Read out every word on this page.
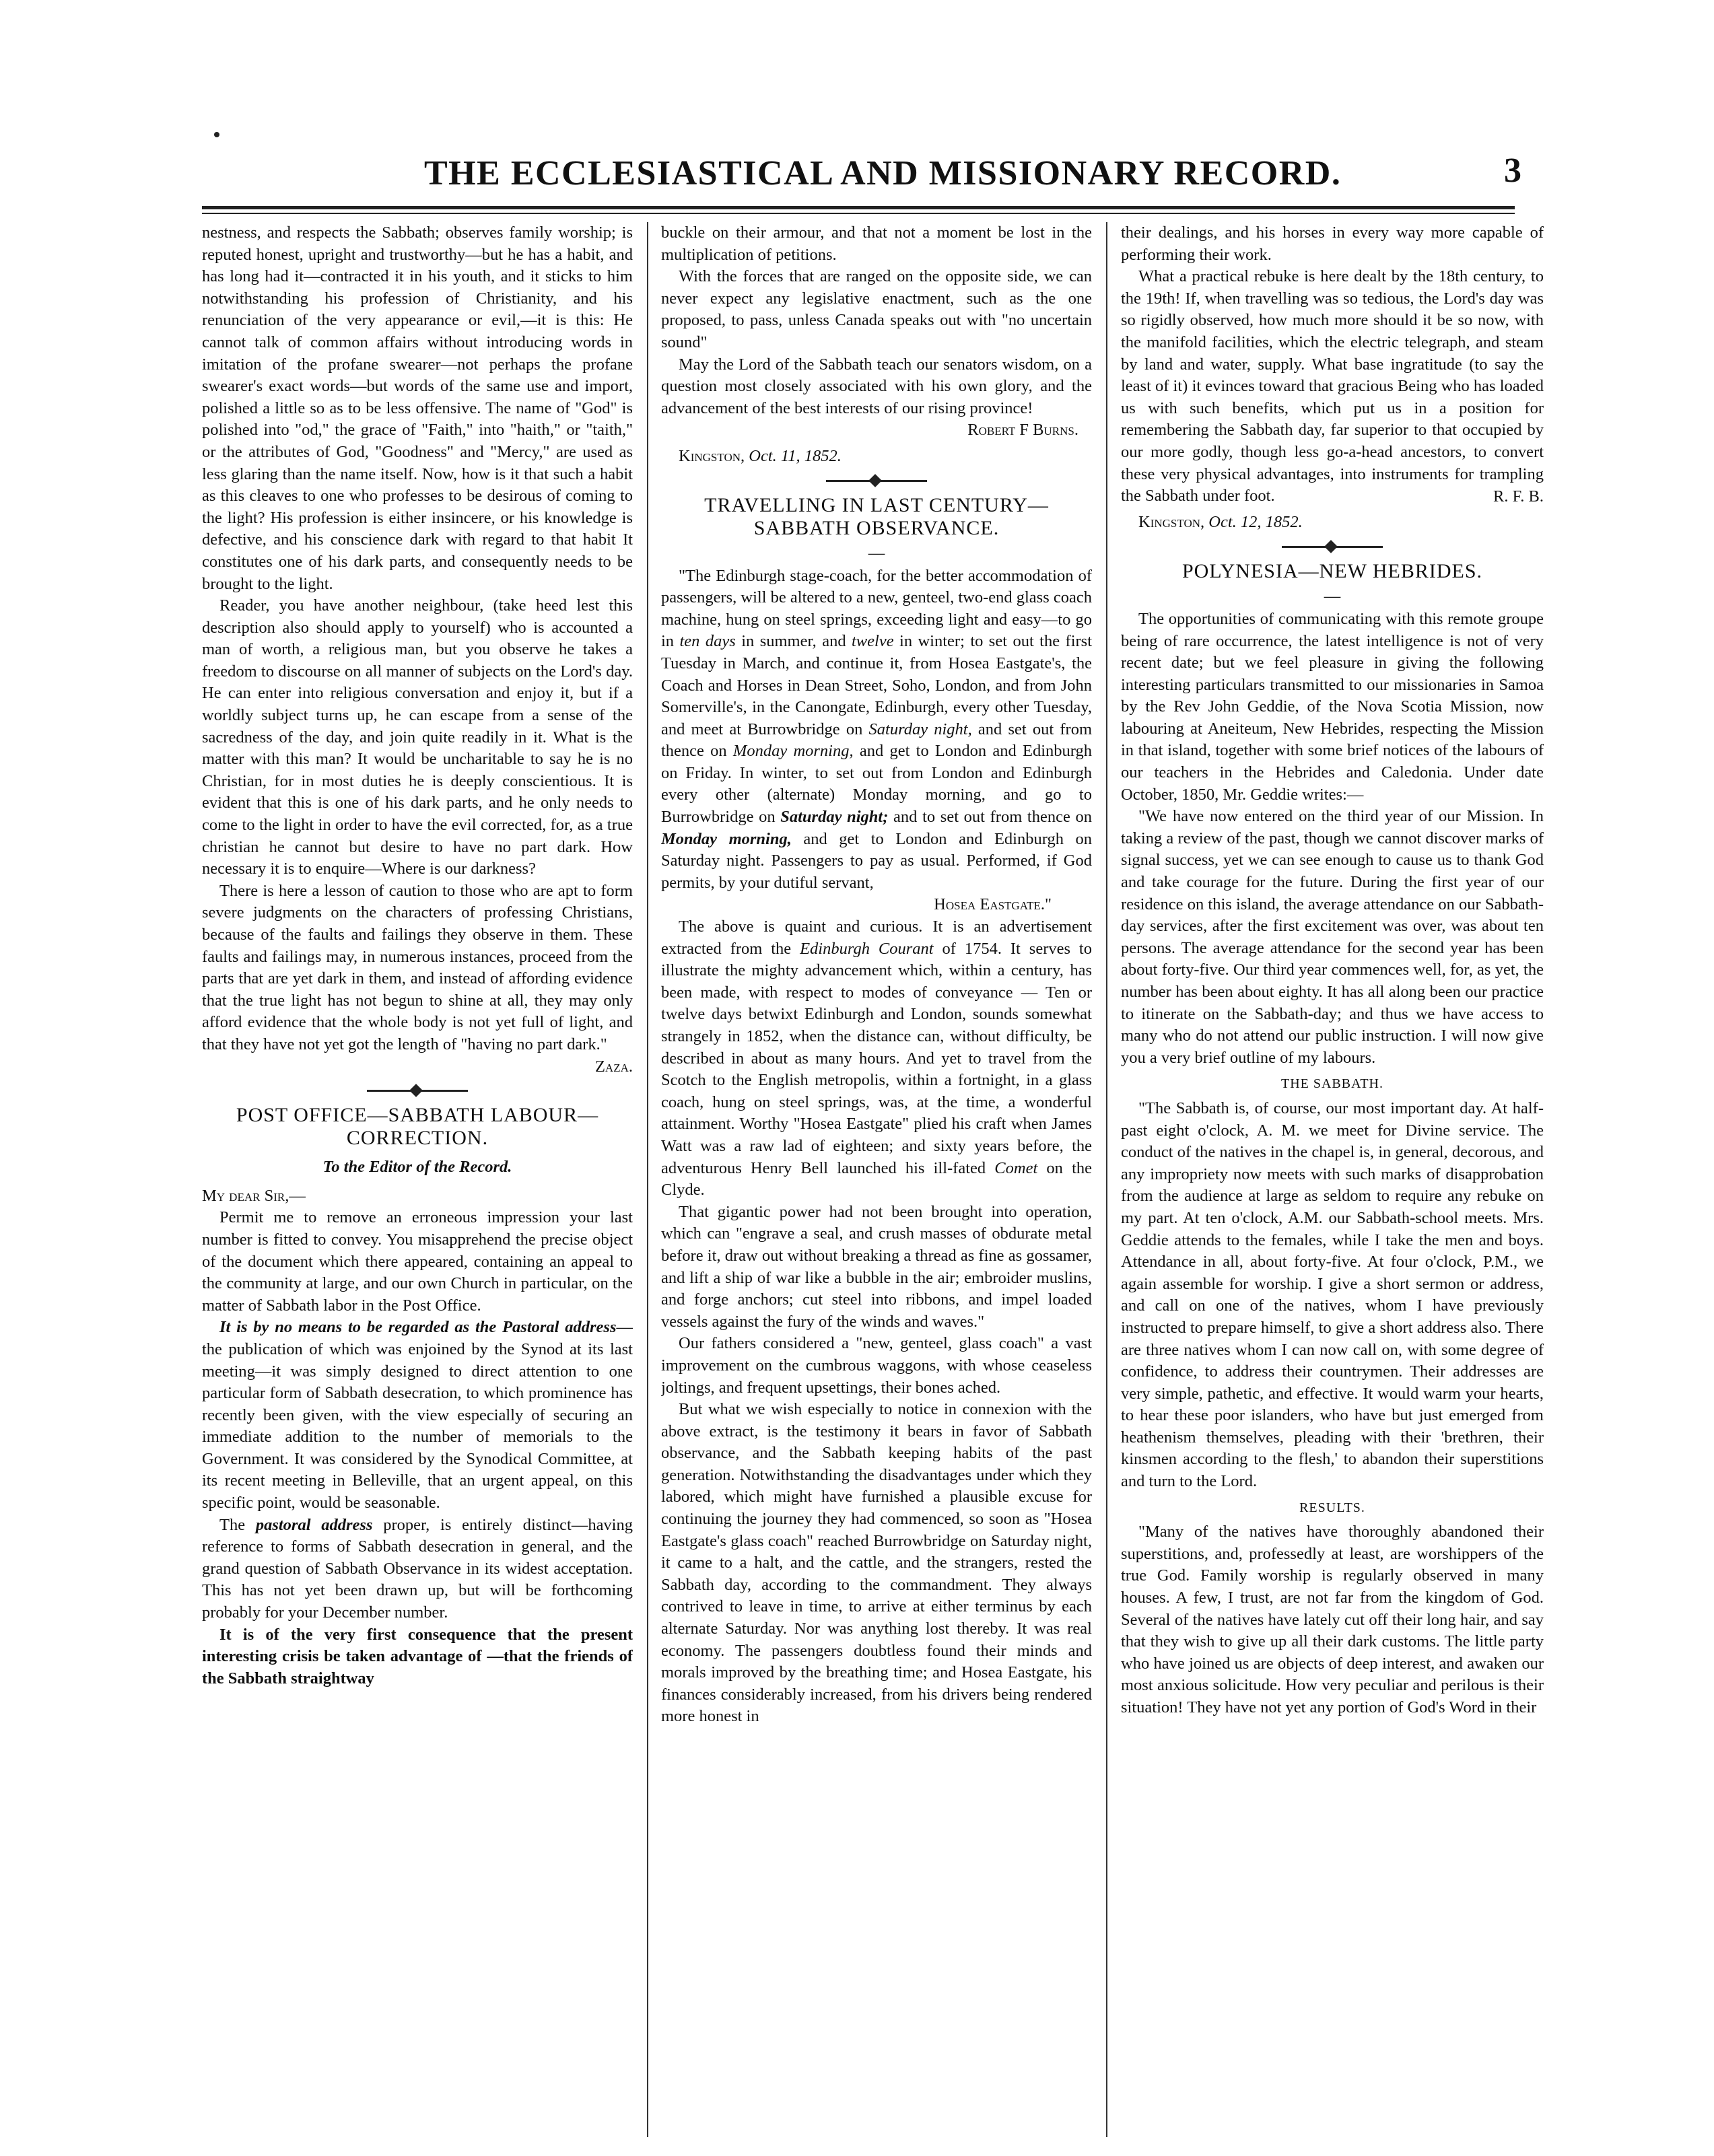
THE ECCLESIASTICAL AND MISSIONARY RECORD.	3

nestness, and respects the Sabbath; observes family worship; is reputed honest, upright and trustworthy—but he has a habit, and has long had it—contracted it in his youth, and it sticks to him notwithstanding his profession of Christianity, and his renunciation of the very appearance or evil,—it is this: He cannot talk of common affairs without introducing words in imitation of the profane swearer—not perhaps the profane swearer's exact words—but words of the same use and import, polished a little so as to be less offensive. The name of "God" is polished into "od," the grace of "Faith," into "haith," or "taith," or the attributes of God, "Goodness" and "Mercy," are used as less glaring than the name itself. Now, how is it that such a habit as this cleaves to one who professes to be desirous of coming to the light? His profession is either insincere, or his knowledge is defective, and his conscience dark with regard to that habit It constitutes one of his dark parts, and consequently needs to be brought to the light.

Reader, you have another neighbour, (take heed lest this description also should apply to yourself) who is accounted a man of worth, a religious man, but you observe he takes a freedom to discourse on all manner of subjects on the Lord's day. He can enter into religious conversation and enjoy it, but if a worldly subject turns up, he can escape from a sense of the sacredness of the day, and join quite readily in it. What is the matter with this man? It would be uncharitable to say he is no Christian, for in most duties he is deeply conscientious. It is evident that this is one of his dark parts, and he only needs to come to the light in order to have the evil corrected, for, as a true christian he cannot but desire to have no part dark. How necessary it is to enquire—Where is our darkness?

There is here a lesson of caution to those who are apt to form severe judgments on the characters of professing Christians, because of the faults and failings they observe in them. These faults and failings may, in numerous instances, proceed from the parts that are yet dark in them, and instead of affording evidence that the true light has not begun to shine at all, they may only afford evidence that the whole body is not yet full of light, and that they have not yet got the length of "having no part dark."

Zaza.

POST OFFICE—SABBATH LABOUR—CORRECTION.

To the Editor of the Record.

My dear Sir,—

Permit me to remove an erroneous impression your last number is fitted to convey. You misapprehend the precise object of the document which there appeared, containing an appeal to the community at large, and our own Church in particular, on the matter of Sabbath labor in the Post Office.

It is by no means to be regarded as the Pastoral address—the publication of which was enjoined by the Synod at its last meeting—it was simply designed to direct attention to one particular form of Sabbath desecration, to which prominence has recently been given, with the view especially of securing an immediate addition to the number of memorials to the Government. It was considered by the Synodical Committee, at its recent meeting in Belleville, that an urgent appeal, on this specific point, would be seasonable.

The pastoral address proper, is entirely distinct—having reference to forms of Sabbath desecration in general, and the grand question of Sabbath Observance in its widest acceptation. This has not yet been drawn up, but will be forthcoming probably for your December number.

It is of the very first consequence that the present interesting crisis be taken advantage of —that the friends of the Sabbath straightway

buckle on their armour, and that not a moment be lost in the multiplication of petitions.

With the forces that are ranged on the opposite side, we can never expect any legislative enactment, such as the one proposed, to pass, unless Canada speaks out with "no uncertain sound"

May the Lord of the Sabbath teach our senators wisdom, on a question most closely associated with his own glory, and the advancement of the best interests of our rising province!

Robert F Burns.

Kingston, Oct. 11, 1852.

TRAVELLING IN LAST CENTURY—SABBATH OBSERVANCE.
—

"The Edinburgh stage-coach, for the better accommodation of passengers, will be altered to a new, genteel, two-end glass coach machine, hung on steel springs, exceeding light and easy—to go in ten days in summer, and twelve in winter; to set out the first Tuesday in March, and continue it, from Hosea Eastgate's, the Coach and Horses in Dean Street, Soho, London, and from John Somerville's, in the Canongate, Edinburgh, every other Tuesday, and meet at Burrowbridge on Saturday night, and set out from thence on Monday morning, and get to London and Edinburgh on Friday. In winter, to set out from London and Edinburgh every other (alternate) Monday morning, and go to Burrowbridge on Saturday night; and to set out from thence on Monday morning, and get to London and Edinburgh on Saturday night. Passengers to pay as usual. Performed, if God permits, by your dutiful servant,

Hosea Eastgate."

The above is quaint and curious. It is an advertisement extracted from the Edinburgh Courant of 1754. It serves to illustrate the mighty advancement which, within a century, has been made, with respect to modes of conveyance — Ten or twelve days betwixt Edinburgh and London, sounds somewhat strangely in 1852, when the distance can, without difficulty, be described in about as many hours. And yet to travel from the Scotch to the English metropolis, within a fortnight, in a glass coach, hung on steel springs, was, at the time, a wonderful attainment. Worthy "Hosea Eastgate" plied his craft when James Watt was a raw lad of eighteen; and sixty years before, the adventurous Henry Bell launched his ill-fated Comet on the Clyde.

That gigantic power had not been brought into operation, which can "engrave a seal, and crush masses of obdurate metal before it, draw out without breaking a thread as fine as gossamer, and lift a ship of war like a bubble in the air; embroider muslins, and forge anchors; cut steel into ribbons, and impel loaded vessels against the fury of the winds and waves."

Our fathers considered a "new, genteel, glass coach" a vast improvement on the cumbrous waggons, with whose ceaseless joltings, and frequent upsettings, their bones ached.

But what we wish especially to notice in connexion with the above extract, is the testimony it bears in favor of Sabbath observance, and the Sabbath keeping habits of the past generation. Notwithstanding the disadvantages under which they labored, which might have furnished a plausible excuse for continuing the journey they had commenced, so soon as "Hosea Eastgate's glass coach" reached Burrowbridge on Saturday night, it came to a halt, and the cattle, and the strangers, rested the Sabbath day, according to the commandment. They always contrived to leave in time, to arrive at either terminus by each alternate Saturday. Nor was anything lost thereby. It was real economy. The passengers doubtless found their minds and morals improved by the breathing time; and Hosea Eastgate, his finances considerably increased, from his drivers being rendered more honest in

their dealings, and his horses in every way more capable of performing their work.

What a practical rebuke is here dealt by the 18th century, to the 19th! If, when travelling was so tedious, the Lord's day was so rigidly observed, how much more should it be so now, with the manifold facilities, which the electric telegraph, and steam by land and water, supply. What base ingratitude (to say the least of it) it evinces toward that gracious Being who has loaded us with such benefits, which put us in a position for remembering the Sabbath day, far superior to that occupied by our more godly, though less go-a-head ancestors, to convert these very physical advantages, into instruments for trampling the Sabbath under foot.	R. F. B.

Kingston, Oct. 12, 1852.

POLYNESIA—NEW HEBRIDES.
—

The opportunities of communicating with this remote groupe being of rare occurrence, the latest intelligence is not of very recent date; but we feel pleasure in giving the following interesting particulars transmitted to our missionaries in Samoa by the Rev John Geddie, of the Nova Scotia Mission, now labouring at Aneiteum, New Hebrides, respecting the Mission in that island, together with some brief notices of the labours of our teachers in the Hebrides and Caledonia. Under date October, 1850, Mr. Geddie writes:—

"We have now entered on the third year of our Mission. In taking a review of the past, though we cannot discover marks of signal success, yet we can see enough to cause us to thank God and take courage for the future. During the first year of our residence on this island, the average attendance on our Sabbath-day services, after the first excitement was over, was about ten persons. The average attendance for the second year has been about forty-five. Our third year commences well, for, as yet, the number has been about eighty. It has all along been our practice to itinerate on the Sabbath-day; and thus we have access to many who do not attend our public instruction. I will now give you a very brief outline of my labours.

THE SABBATH.

"The Sabbath is, of course, our most important day. At half-past eight o'clock, A. M. we meet for Divine service. The conduct of the natives in the chapel is, in general, decorous, and any impropriety now meets with such marks of disapprobation from the audience at large as seldom to require any rebuke on my part. At ten o'clock, A.M. our Sabbath-school meets. Mrs. Geddie attends to the females, while I take the men and boys. Attendance in all, about forty-five. At four o'clock, P.M., we again assemble for worship. I give a short sermon or address, and call on one of the natives, whom I have previously instructed to prepare himself, to give a short address also. There are three natives whom I can now call on, with some degree of confidence, to address their countrymen. Their addresses are very simple, pathetic, and effective. It would warm your hearts, to hear these poor islanders, who have but just emerged from heathenism themselves, pleading with their 'brethren, their kinsmen according to the flesh,' to abandon their superstitions and turn to the Lord.

RESULTS.

"Many of the natives have thoroughly abandoned their superstitions, and, professedly at least, are worshippers of the true God. Family worship is regularly observed in many houses. A few, I trust, are not far from the kingdom of God. Several of the natives have lately cut off their long hair, and say that they wish to give up all their dark customs. The little party who have joined us are objects of deep interest, and awaken our most anxious solicitude. How very peculiar and perilous is their situation! They have not yet any portion of God's Word in their
